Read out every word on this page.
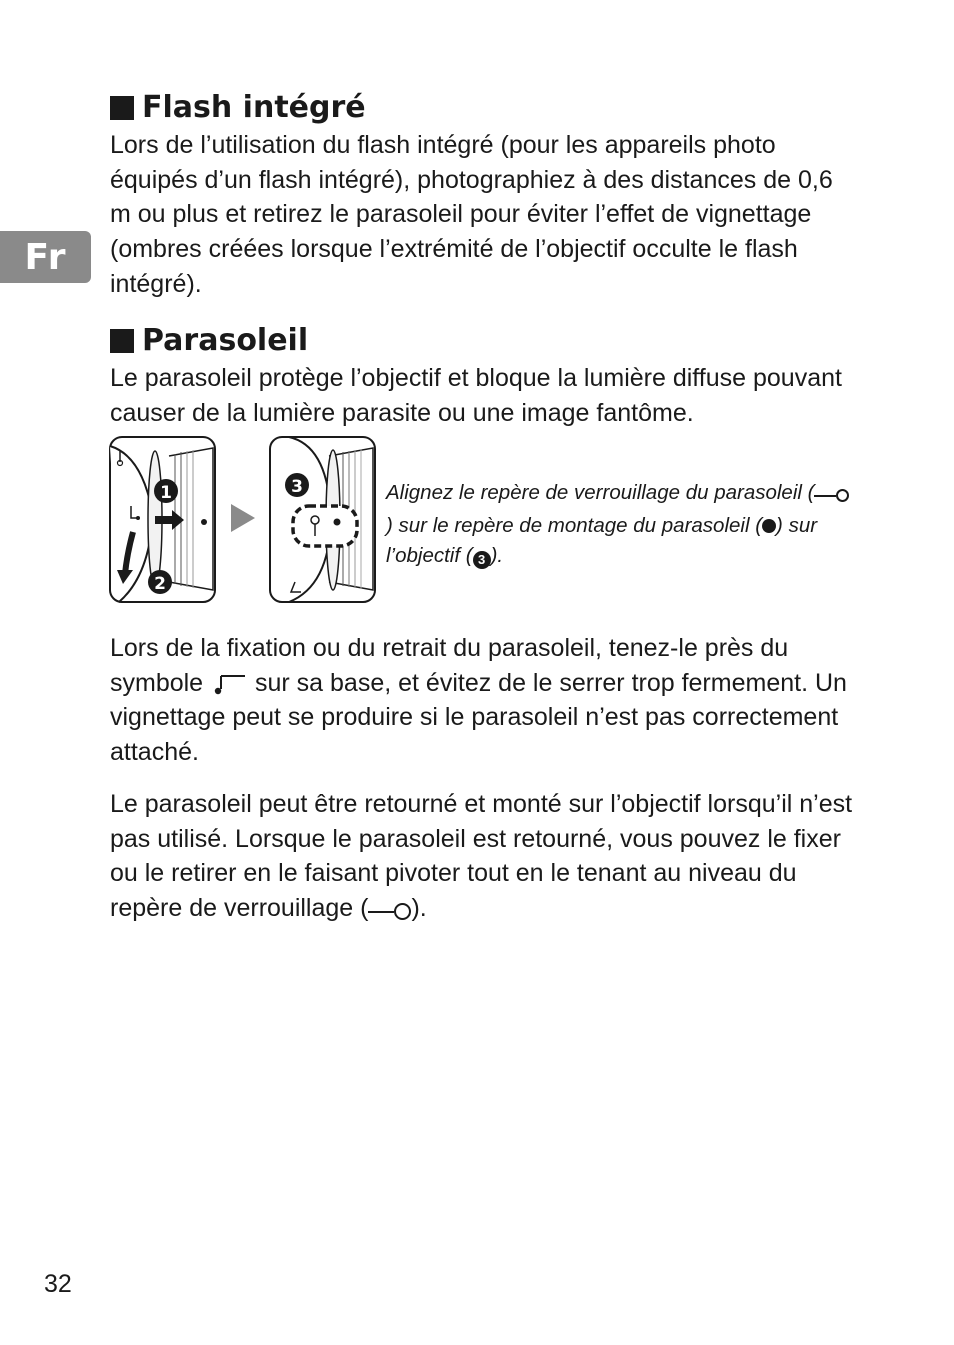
Fr
Flash intégré

Lors de l’utilisation du flash intégré (pour les appareils photo équipés d’un flash intégré), photographiez à des distances de 0,6 m ou plus et retirez le parasoleil pour éviter l’effet de vignettage (ombres créées lorsque l’extrémité de l’objectif occulte le flash intégré).

Parasoleil

Le parasoleil protège l’objectif et bloque la lumière diffuse pouvant causer de la lumière parasite ou une image fantôme.

1
2
3	Alignez le repère de verrouillage du parasoleil () sur le repère de montage du parasoleil ( ) sur l’objectif ( 3 ).

Lors de la fixation ou du retrait du parasoleil, tenez-le près du symbole sur sa base, et évitez de le serrer trop fermement. Un vignettage peut se produire si le parasoleil n’est pas correctement attaché.

Le parasoleil peut être retourné et monté sur l’objectif lorsqu’il n’est pas utilisé. Lorsque le parasoleil est retourné, vous pouvez le fixer ou le retirer en le faisant pivoter tout en le tenant au niveau du repère de verrouillage ( ).

32
